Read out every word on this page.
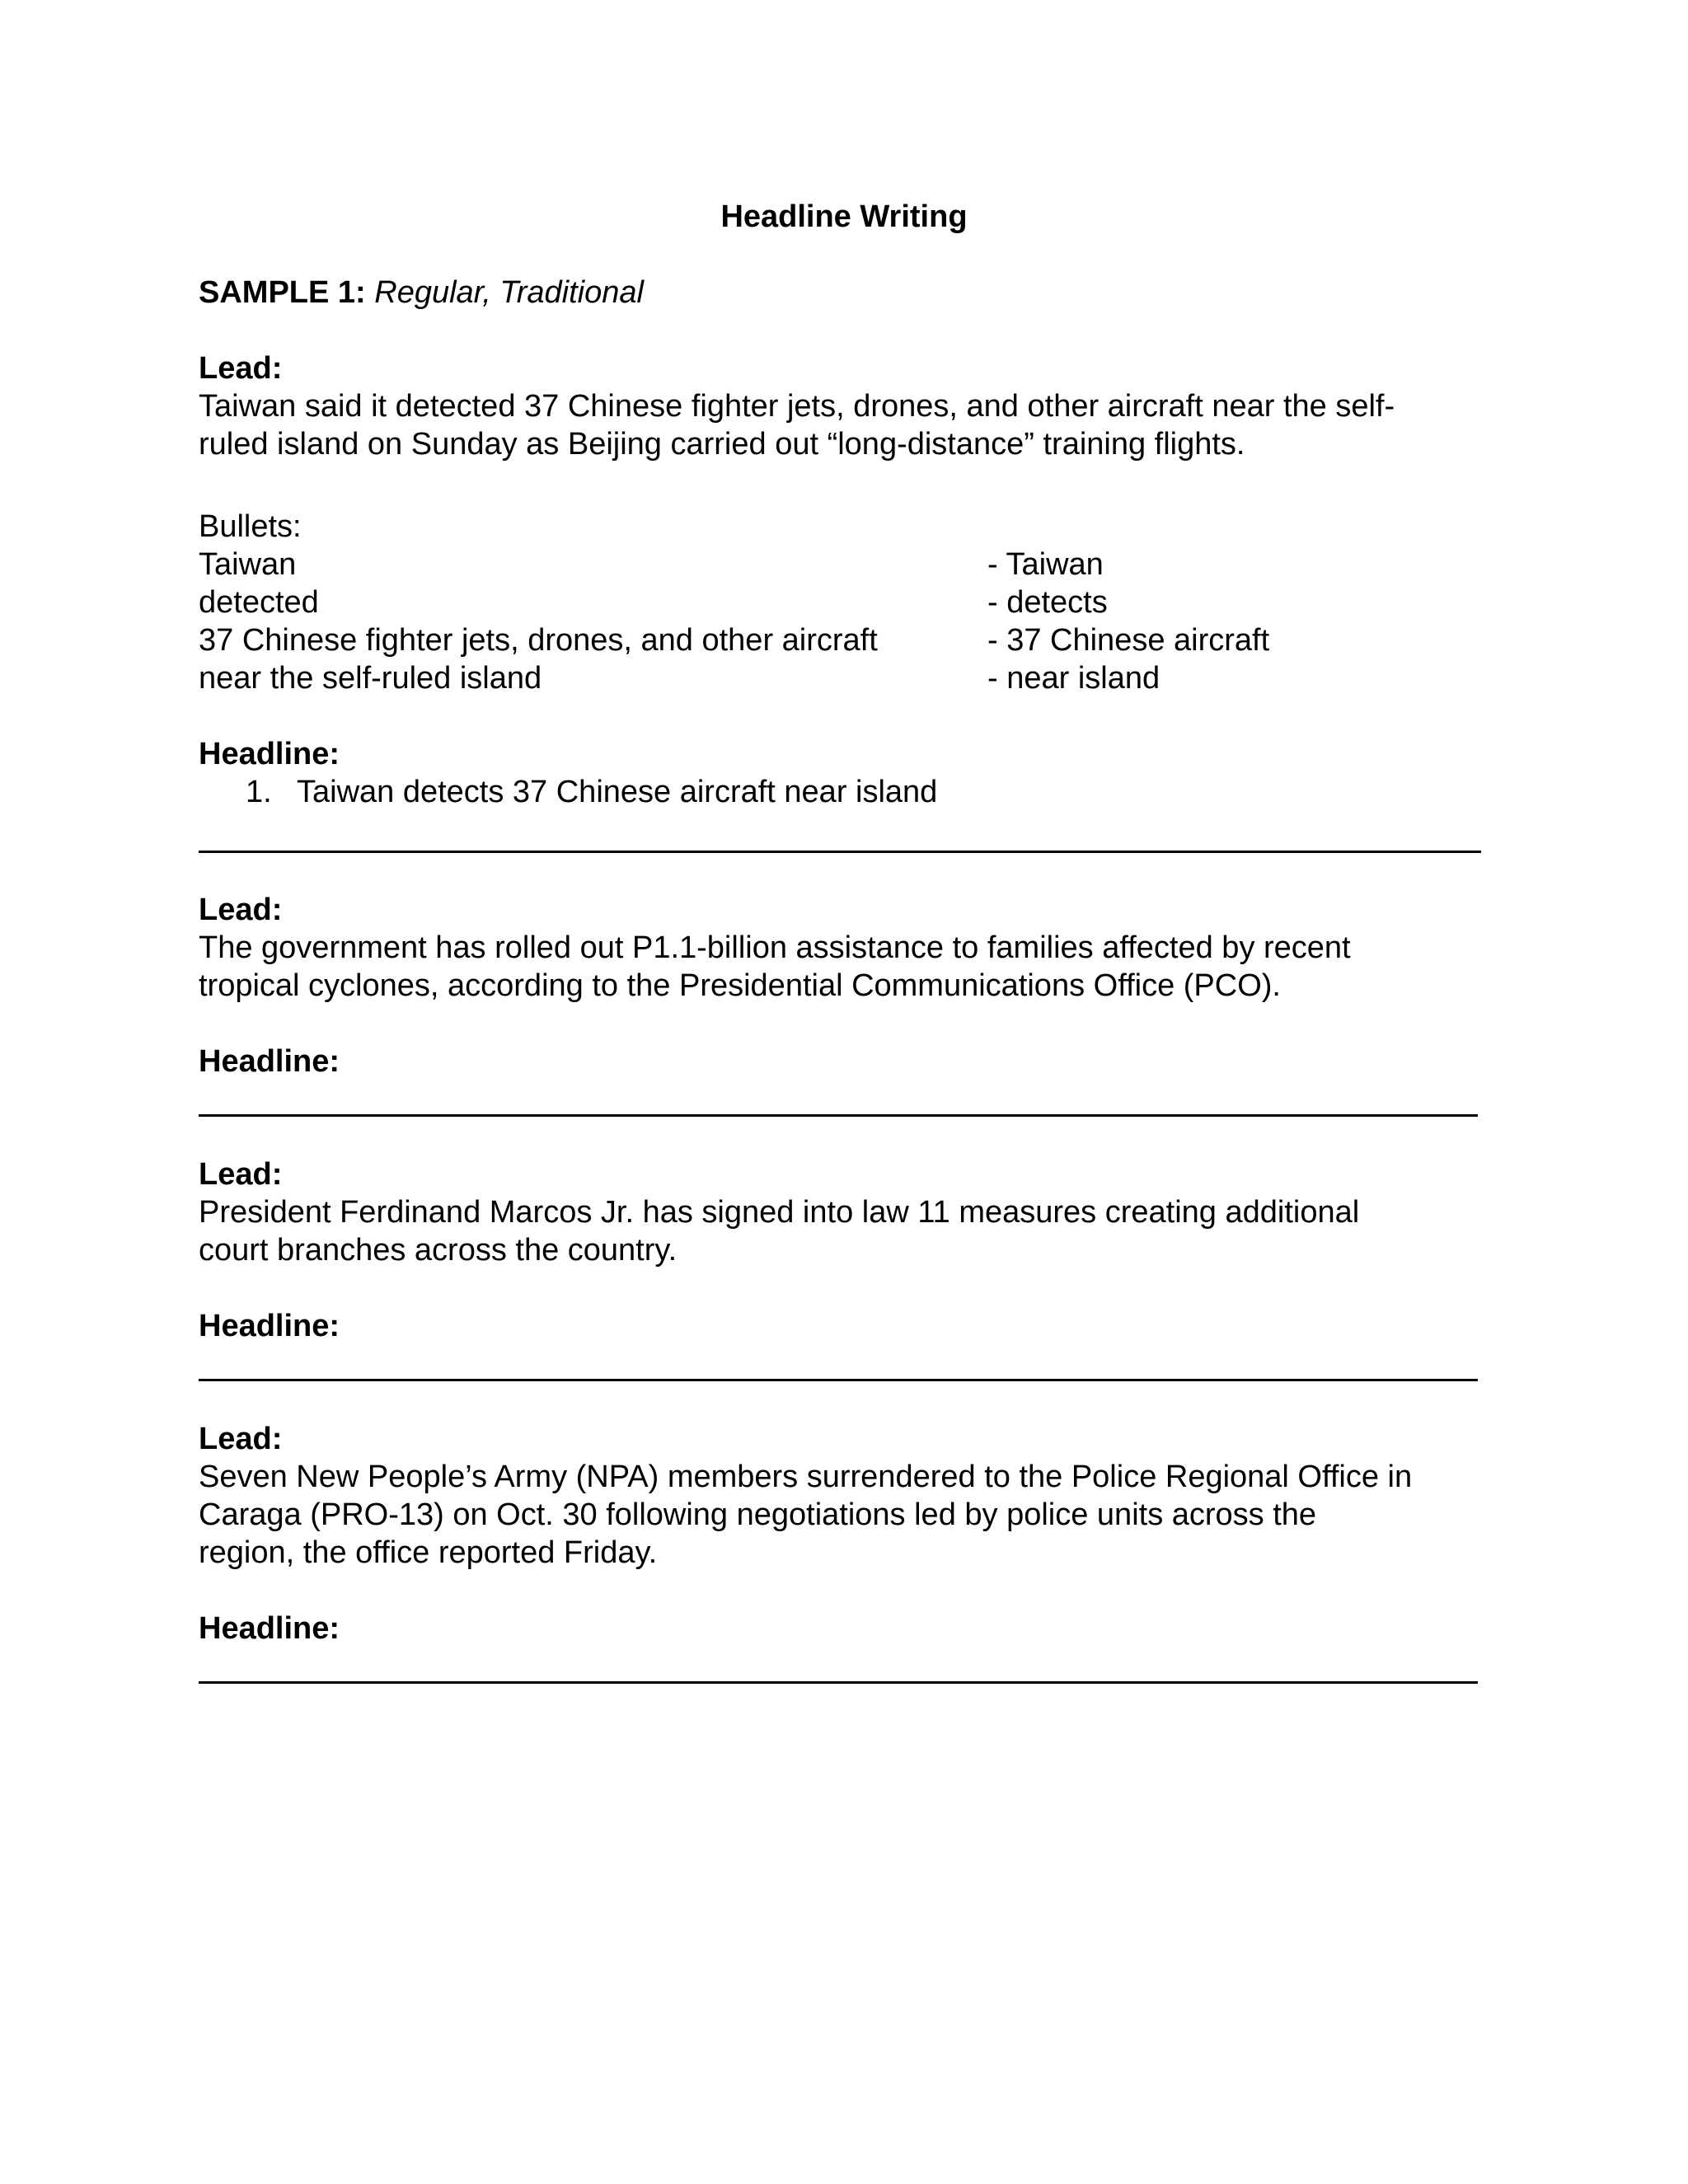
Headline Writing
SAMPLE 1: Regular, Traditional
Lead:
Taiwan said it detected 37 Chinese fighter jets, drones, and other aircraft near the self-
ruled island on Sunday as Beijing carried out “long-distance” training flights.
Bullets:
Taiwan
detected
37 Chinese fighter jets, drones, and other aircraft
near the self-ruled island
- Taiwan
- detects
- 37 Chinese aircraft
- near island
Headline:
1. Taiwan detects 37 Chinese aircraft near island
Lead:
The government has rolled out P1.1-billion assistance to families affected by recent
tropical cyclones, according to the Presidential Communications Office (PCO).
Headline:
Lead:
President Ferdinand Marcos Jr. has signed into law 11 measures creating additional
court branches across the country.
Headline:
Lead:
Seven New People’s Army (NPA) members surrendered to the Police Regional Office in
Caraga (PRO-13) on Oct. 30 following negotiations led by police units across the
region, the office reported Friday.
Headline:
